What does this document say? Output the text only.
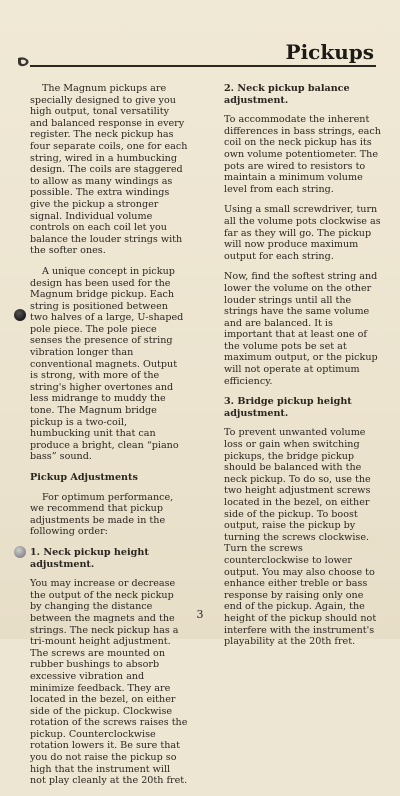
Pickups

The Magnum pickups are specially designed to give you high output, tonal versatility and balanced response in every register. The neck pickup has four separate coils, one for each string, wired in a humbucking design. The coils are staggered to allow as many windings as possible. The extra windings give the pickup a stronger signal. Individual volume controls on each coil let you balance the louder strings with the softer ones.

A unique concept in pickup design has been used for the Magnum bridge pickup. Each string is positioned between two halves of a large, U-shaped pole piece. The pole piece senses the presence of string vibration longer than conventional magnets. Output is strong, with more of the string's higher overtones and less midrange to muddy the tone. The Magnum bridge pickup is a two-coil, humbucking unit that can produce a bright, clean “piano bass” sound.

Pickup Adjustments

For optimum performance, we recommend that pickup adjustments be made in the following order:

1. Neck pickup height adjustment.

You may increase or decrease the output of the neck pickup by changing the distance between the magnets and the strings. The neck pickup has a tri-mount height adjustment. The screws are mounted on rubber bushings to absorb excessive vibration and minimize feedback. They are located in the bezel, on either side of the pickup. Clockwise rotation of the screws raises the pickup. Counterclockwise rotation lowers it. Be sure that you do not raise the pickup so high that the instrument will not play cleanly at the 20th fret.

2. Neck pickup balance adjustment.

To accommodate the inherent differences in bass strings, each coil on the neck pickup has its own volume potentiometer. The pots are wired to resistors to maintain a minimum volume level from each string.

Using a small screwdriver, turn all the volume pots clockwise as far as they will go. The pickup will now produce maximum output for each string.

Now, find the softest string and lower the volume on the other louder strings until all the strings have the same volume and are balanced. It is important that at least one of the volume pots be set at maximum output, or the pickup will not operate at optimum efficiency.

3. Bridge pickup height adjustment.

To prevent unwanted volume loss or gain when switching pickups, the bridge pickup should be balanced with the neck pickup. To do so, use the two height adjustment screws located in the bezel, on either side of the pickup. To boost output, raise the pickup by turning the screws clockwise. Turn the screws counterclockwise to lower output. You may also choose to enhance either treble or bass response by raising only one end of the pickup. Again, the height of the pickup should not interfere with the instrument's playability at the 20th fret.

3
